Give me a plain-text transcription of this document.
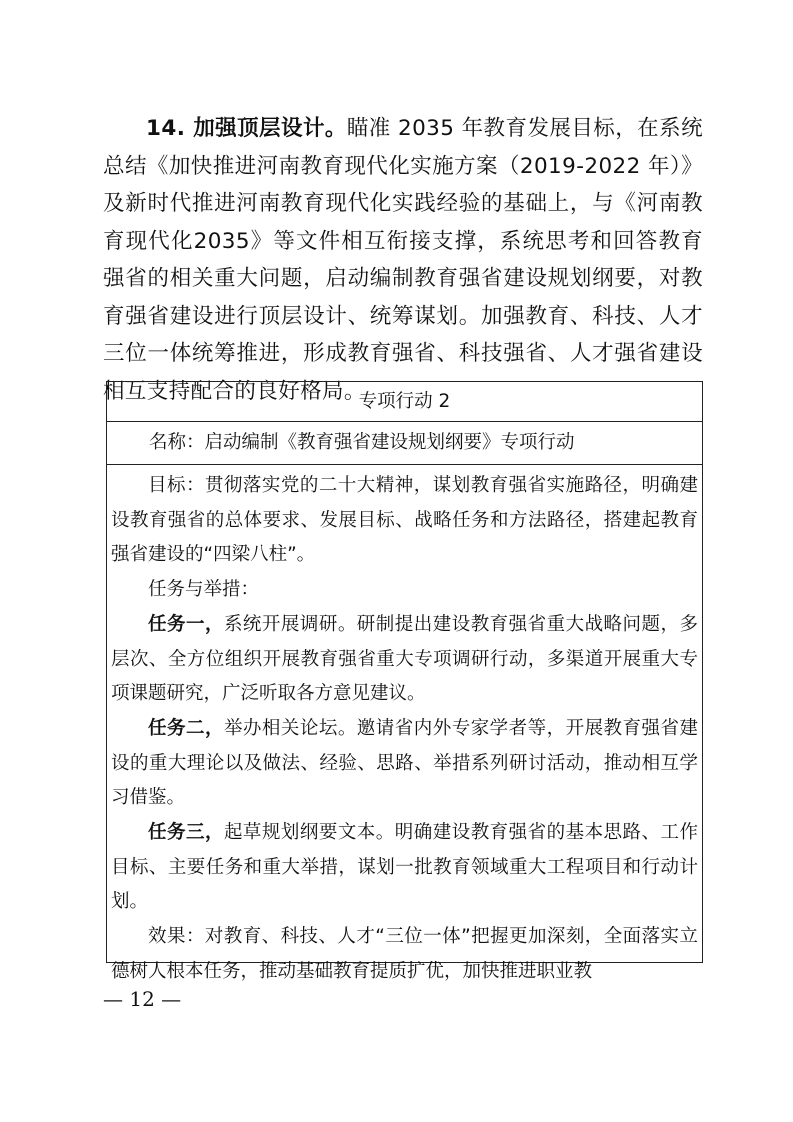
14. 加强顶层设计。瞄准 2035 年教育发展目标，在系统总结《加快推进河南教育现代化实施方案（2019-2022 年）》及新时代推进河南教育现代化实践经验的基础上，与《河南教育现代化2035》等文件相互衔接支撑，系统思考和回答教育强省的相关重大问题，启动编制教育强省建设规划纲要，对教育强省建设进行顶层设计、统筹谋划。加强教育、科技、人才三位一体统筹推进，形成教育强省、科技强省、人才强省建设相互支持配合的良好格局。
专项行动 2
名称：启动编制《教育强省建设规划纲要》专项行动

目标：贯彻落实党的二十大精神，谋划教育强省实施路径，明确建设教育强省的总体要求、发展目标、战略任务和方法路径，搭建起教育强省建设的“四梁八柱”。

任务与举措：

任务一，系统开展调研。研制提出建设教育强省重大战略问题，多层次、全方位组织开展教育强省重大专项调研行动，多渠道开展重大专项课题研究，广泛听取各方意见建议。

任务二，举办相关论坛。邀请省内外专家学者等，开展教育强省建设的重大理论以及做法、经验、思路、举措系列研讨活动，推动相互学习借鉴。

任务三，起草规划纲要文本。明确建设教育强省的基本思路、工作目标、主要任务和重大举措，谋划一批教育领域重大工程项目和行动计划。

效果：对教育、科技、人才“三位一体”把握更加深刻，全面落实立德树人根本任务，推动基础教育提质扩优，加快推进职业教

— 12 —
